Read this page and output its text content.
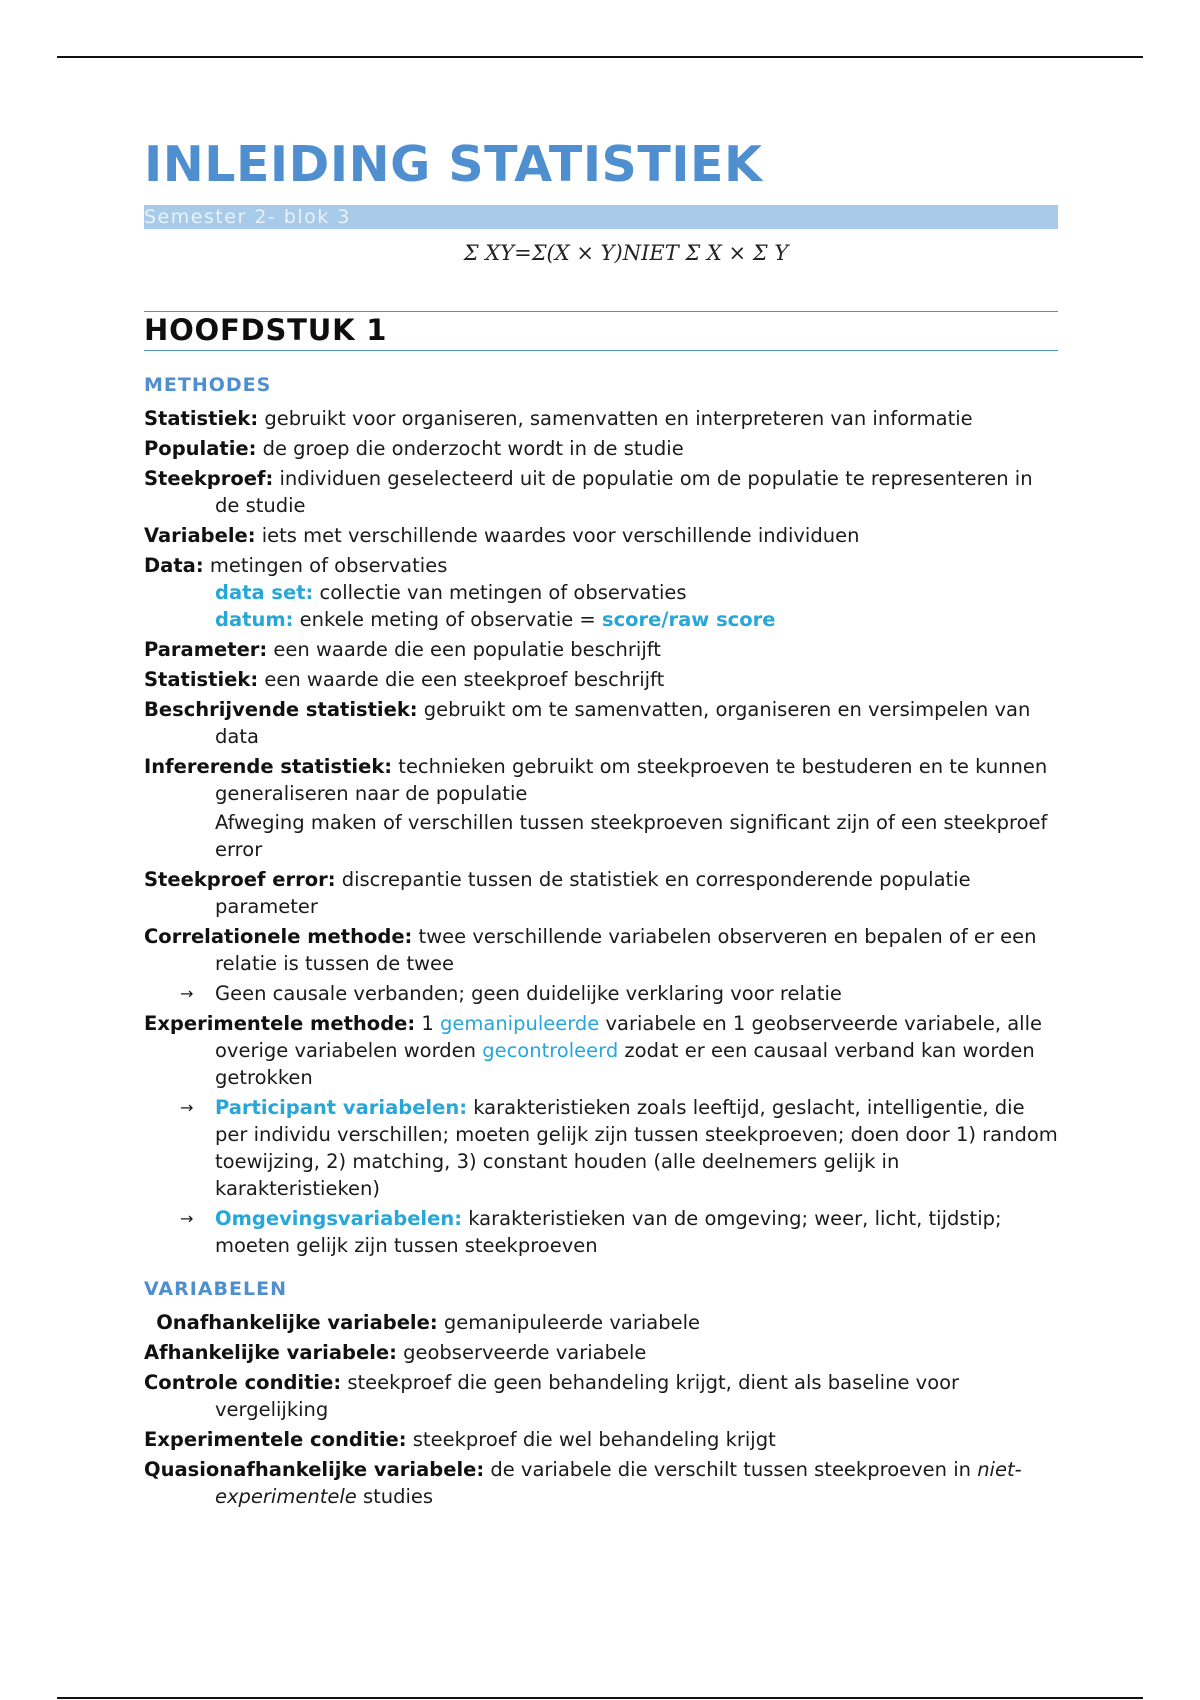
INLEIDING STATISTIEK
Semester 2- blok 3
Σ XY=Σ(X × Y)NIET Σ X × Σ Y
HOOFDSTUK 1
METHODES

Statistiek: gebruikt voor organiseren, samenvatten en interpreteren van informatie

Populatie: de groep die onderzocht wordt in de studie

Steekproef: individuen geselecteerd uit de populatie om de populatie te representeren in de studie

Variabele: iets met verschillende waardes voor verschillende individuen

Data: metingen of observaties

data set: collectie van metingen of observaties

datum: enkele meting of observatie = score/raw score

Parameter: een waarde die een populatie beschrijft

Statistiek: een waarde die een steekproef beschrijft

Beschrijvende statistiek: gebruikt om te samenvatten, organiseren en versimpelen van data

Infererende statistiek: technieken gebruikt om steekproeven te bestuderen en te kunnen generaliseren naar de populatie

Afweging maken of verschillen tussen steekproeven significant zijn of een steekproef error

Steekproef error: discrepantie tussen de statistiek en corresponderende populatie parameter

Correlationele methode: twee verschillende variabelen observeren en bepalen of er een relatie is tussen de twee

→ Geen causale verbanden; geen duidelijke verklaring voor relatie

Experimentele methode: 1 gemanipuleerde variabele en 1 geobserveerde variabele, alle overige variabelen worden gecontroleerd zodat er een causaal verband kan worden getrokken

→ Participant variabelen: karakteristieken zoals leeftijd, geslacht, intelligentie, die per individu verschillen; moeten gelijk zijn tussen steekproeven; doen door 1) random toewijzing, 2) matching, 3) constant houden (alle deelnemers gelijk in karakteristieken)

→ Omgevingsvariabelen: karakteristieken van de omgeving; weer, licht, tijdstip; moeten gelijk zijn tussen steekproeven

VARIABELEN

Onafhankelijke variabele: gemanipuleerde variabele

Afhankelijke variabele: geobserveerde variabele

Controle conditie: steekproef die geen behandeling krijgt, dient als baseline voor vergelijking

Experimentele conditie: steekproef die wel behandeling krijgt

Quasionafhankelijke variabele: de variabele die verschilt tussen steekproeven in niet-experimentele studies
